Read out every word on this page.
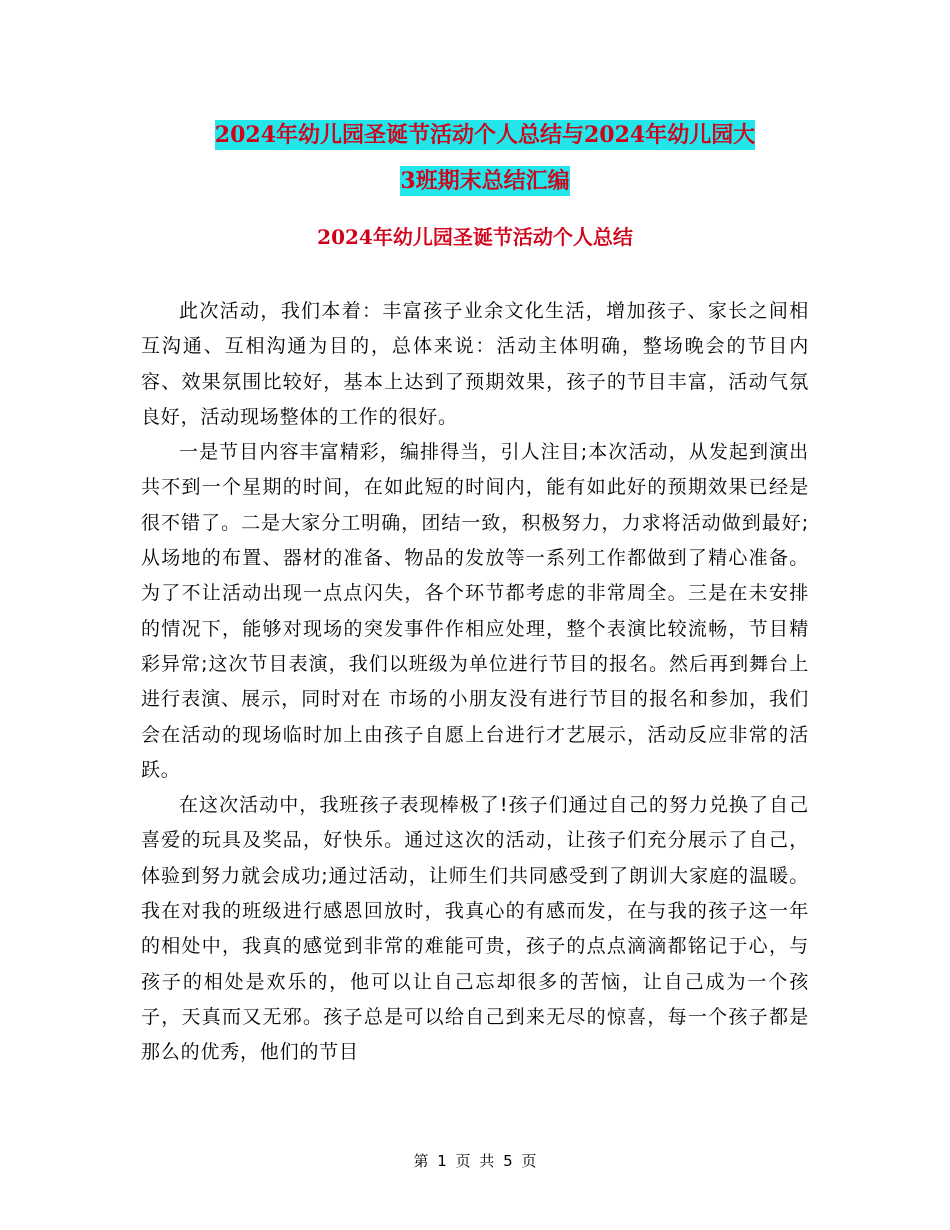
2024年幼儿园圣诞节活动个人总结与2024年幼儿园大
3班期末总结汇编
2024年幼儿园圣诞节活动个人总结

此次活动，我们本着：丰富孩子业余文化生活，增加孩子、家长之间相互沟通、互相沟通为目的，总体来说：活动主体明确，整场晚会的节目内容、效果氛围比较好，基本上达到了预期效果，孩子的节目丰富，活动气氛良好，活动现场整体的工作的很好。

一是节目内容丰富精彩，编排得当，引人注目;本次活动，从发起到演出共不到一个星期的时间，在如此短的时间内，能有如此好的预期效果已经是很不错了。二是大家分工明确，团结一致，积极努力，力求将活动做到最好;从场地的布置、器材的准备、物品的发放等一系列工作都做到了精心准备。为了不让活动出现一点点闪失，各个环节都考虑的非常周全。三是在未安排的情况下，能够对现场的突发事件作相应处理，整个表演比较流畅，节目精彩异常;这次节目表演，我们以班级为单位进行节目的报名。然后再到舞台上进行表演、展示，同时对在 市场的小朋友没有进行节目的报名和参加，我们会在活动的现场临时加上由孩子自愿上台进行才艺展示，活动反应非常的活跃。

在这次活动中，我班孩子表现棒极了!孩子们通过自己的努力兑换了自己喜爱的玩具及奖品，好快乐。通过这次的活动，让孩子们充分展示了自己，体验到努力就会成功;通过活动，让师生们共同感受到了朗训大家庭的温暖。我在对我的班级进行感恩回放时，我真心的有感而发，在与我的孩子这一年的相处中，我真的感觉到非常的难能可贵，孩子的点点滴滴都铭记于心，与孩子的相处是欢乐的，他可以让自己忘却很多的苦恼，让自己成为一个孩子，天真而又无邪。孩子总是可以给自己到来无尽的惊喜，每一个孩子都是那么的优秀，他们的节目

第 1 页 共 5 页
